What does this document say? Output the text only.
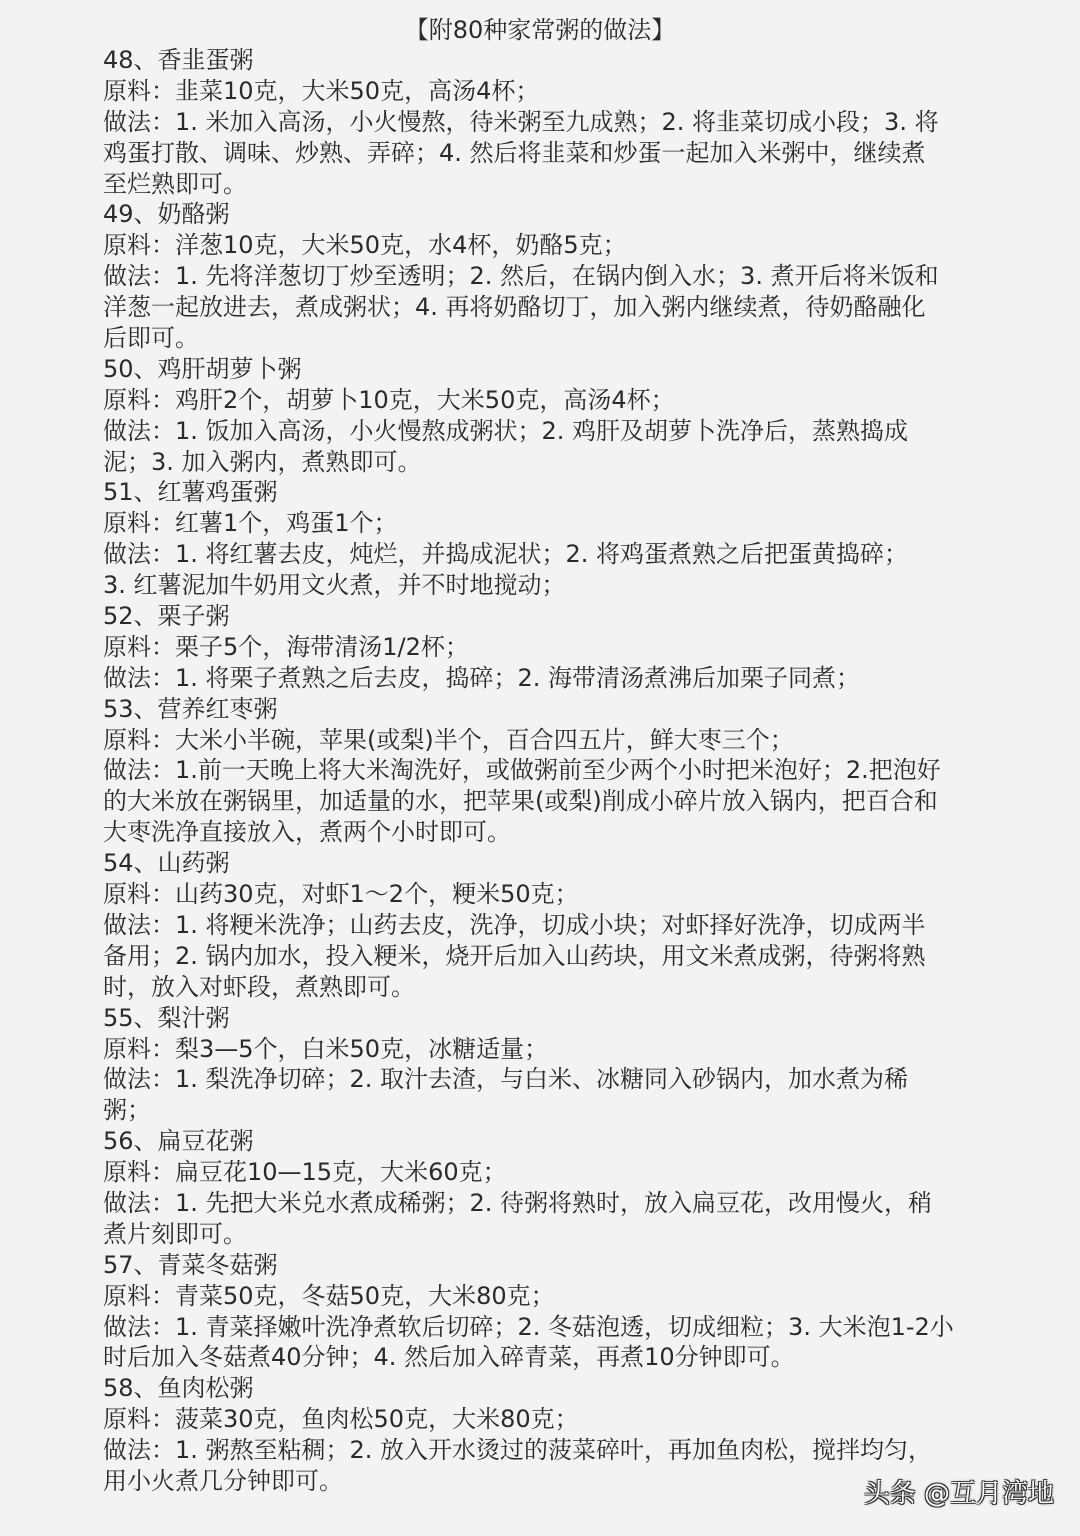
【附80种家常粥的做法】
48、香韭蛋粥
原料：韭菜10克，大米50克，高汤4杯；
做法：1. 米加入高汤，小火慢熬，待米粥至九成熟；2. 将韭菜切成小段；3. 将
鸡蛋打散、调味、炒熟、弄碎；4. 然后将韭菜和炒蛋一起加入米粥中，继续煮
至烂熟即可。
49、奶酪粥
原料：洋葱10克，大米50克，水4杯，奶酪5克；
做法：1. 先将洋葱切丁炒至透明；2. 然后，在锅内倒入水；3. 煮开后将米饭和
洋葱一起放进去，煮成粥状；4. 再将奶酪切丁，加入粥内继续煮，待奶酪融化
后即可。
50、鸡肝胡萝卜粥
原料：鸡肝2个，胡萝卜10克，大米50克，高汤4杯；
做法：1. 饭加入高汤，小火慢熬成粥状；2. 鸡肝及胡萝卜洗净后，蒸熟捣成
泥；3. 加入粥内，煮熟即可。
51、红薯鸡蛋粥
原料：红薯1个，鸡蛋1个；
做法：1. 将红薯去皮，炖烂，并捣成泥状；2. 将鸡蛋煮熟之后把蛋黄捣碎；
3. 红薯泥加牛奶用文火煮，并不时地搅动；
52、栗子粥
原料：栗子5个，海带清汤1/2杯；
做法：1. 将栗子煮熟之后去皮，捣碎；2. 海带清汤煮沸后加栗子同煮；
53、营养红枣粥
原料：大米小半碗，苹果(或梨)半个，百合四五片，鲜大枣三个；
做法：1.前一天晚上将大米淘洗好，或做粥前至少两个小时把米泡好；2.把泡好
的大米放在粥锅里，加适量的水，把苹果(或梨)削成小碎片放入锅内，把百合和
大枣洗净直接放入，煮两个小时即可。
54、山药粥
原料：山药30克，对虾1～2个，粳米50克；
做法：1. 将粳米洗净；山药去皮，洗净，切成小块；对虾择好洗净，切成两半
备用；2. 锅内加水，投入粳米，烧开后加入山药块，用文米煮成粥，待粥将熟
时，放入对虾段，煮熟即可。
55、梨汁粥
原料：梨3—5个，白米50克，冰糖适量；
做法：1. 梨洗净切碎；2. 取汁去渣，与白米、冰糖同入砂锅内，加水煮为稀
粥；
56、扁豆花粥
原料：扁豆花10—15克，大米60克；
做法：1. 先把大米兑水煮成稀粥；2. 待粥将熟时，放入扁豆花，改用慢火，稍
煮片刻即可。
57、青菜冬菇粥
原料：青菜50克，冬菇50克，大米80克；
做法：1. 青菜择嫩叶洗净煮软后切碎；2. 冬菇泡透，切成细粒；3. 大米泡1-2小
时后加入冬菇煮40分钟；4. 然后加入碎青菜，再煮10分钟即可。
58、鱼肉松粥
原料：菠菜30克，鱼肉松50克，大米80克；
做法：1. 粥熬至粘稠；2. 放入开水烫过的菠菜碎叶，再加鱼肉松，搅拌均匀，
用小火煮几分钟即可。	头条 @互月湾地
